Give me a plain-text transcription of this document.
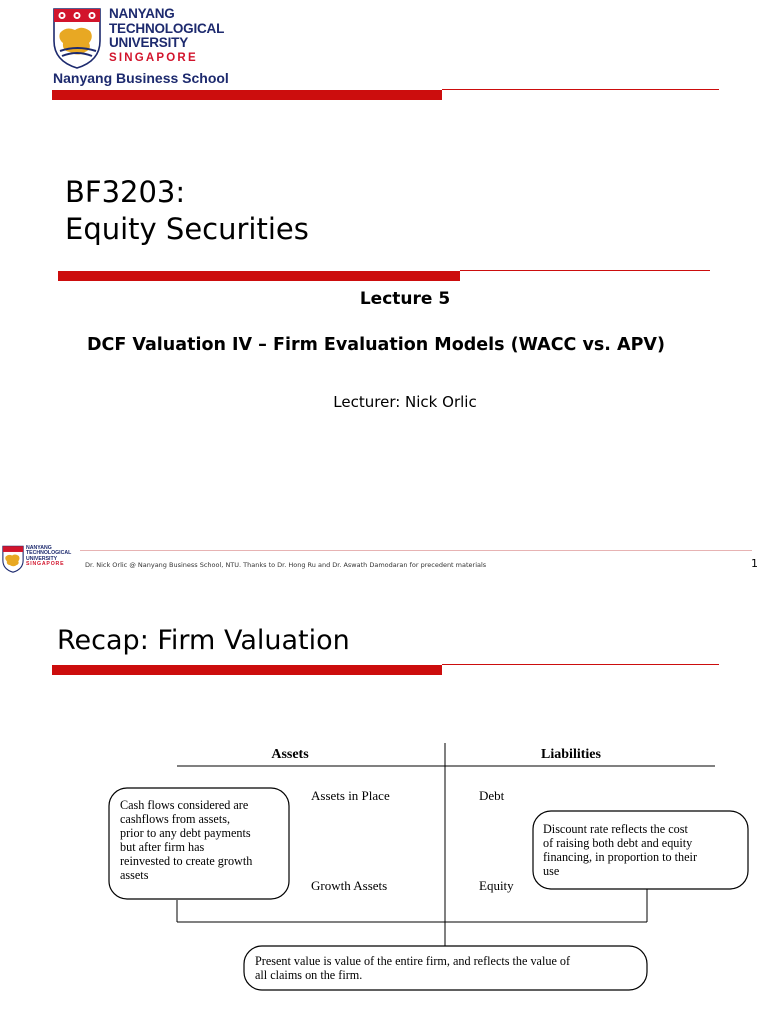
NANYANG
TECHNOLOGICAL
UNIVERSITY
SINGAPORE
Nanyang Business School
BF3203:
Equity Securities
Lecture 5
DCF Valuation IV – Firm Evaluation Models (WACC vs. APV)
Lecturer: Nick Orlic
NANYANG
TECHNOLOGICAL
UNIVERSITY
SINGAPORE	Dr. Nick Orlic @ Nanyang Business School, NTU. Thanks to Dr. Hong Ru and Dr. Aswath Damodaran for precedent materials	1
Recap: Firm Valuation
Assets	Liabilities
Assets in Place
Growth Assets
Debt
Equity
Cash flows considered are cashflows from assets, prior to any debt payments but after firm has reinvested to create growth assets
Discount rate reflects the cost of raising both debt and equity financing, in proportion to their use
Present value is value of the entire firm, and reflects the value of all claims on the firm.
